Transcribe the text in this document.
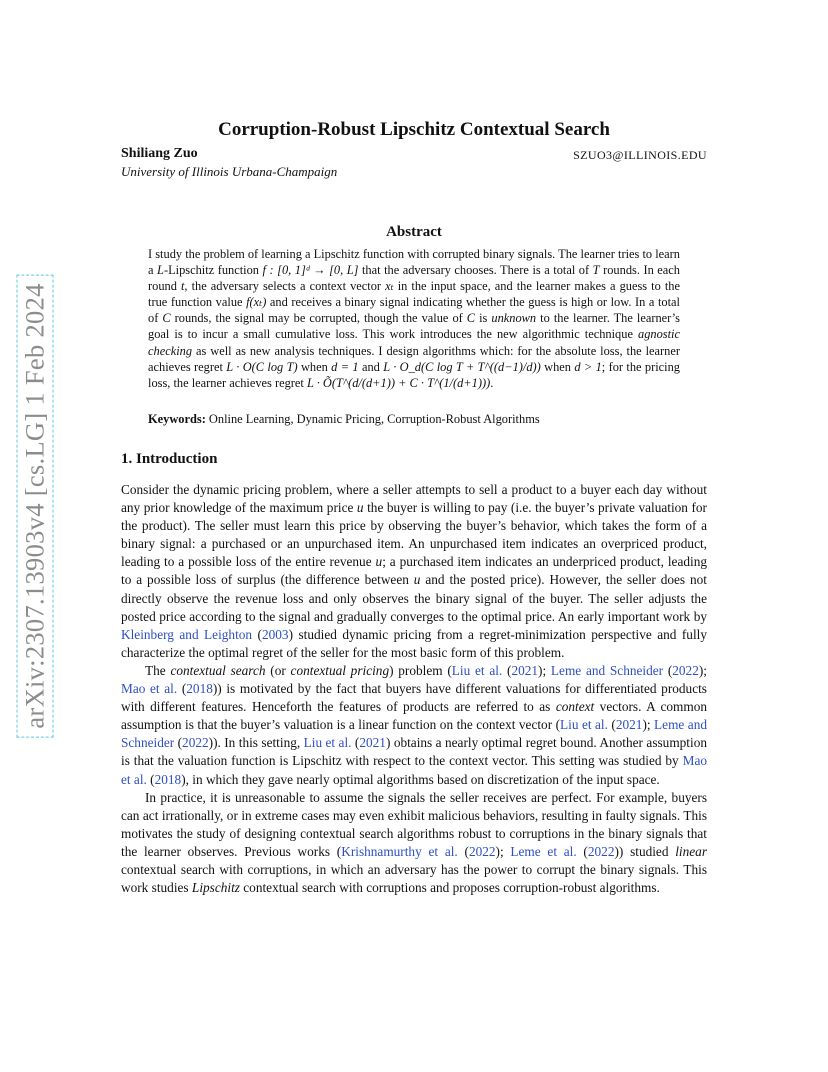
arXiv:2307.13903v4 [cs.LG] 1 Feb 2024
Corruption-Robust Lipschitz Contextual Search
Shiliang Zuo	SZUO3@ILLINOIS.EDU
University of Illinois Urbana-Champaign
Abstract

I study the problem of learning a Lipschitz function with corrupted binary signals. The learner tries to learn a L-Lipschitz function f : [0, 1]ᵈ → [0, L] that the adversary chooses. There is a total of T rounds. In each round t, the adversary selects a context vector xₜ in the input space, and the learner makes a guess to the true function value f(xₜ) and receives a binary signal indicating whether the guess is high or low. In a total of C rounds, the signal may be corrupted, though the value of C is unknown to the learner. The learner’s goal is to incur a small cumulative loss. This work introduces the new algorithmic technique agnostic checking as well as new analysis techniques. I design algorithms which: for the absolute loss, the learner achieves regret L · O(C log T) when d = 1 and L · O_d(C log T + T^((d−1)/d)) when d > 1; for the pricing loss, the learner achieves regret L · Õ(T^(d/(d+1)) + C · T^(1/(d+1))).

Keywords: Online Learning, Dynamic Pricing, Corruption-Robust Algorithms
1. Introduction

Consider the dynamic pricing problem, where a seller attempts to sell a product to a buyer each day without any prior knowledge of the maximum price u the buyer is willing to pay (i.e. the buyer’s private valuation for the product). The seller must learn this price by observing the buyer’s behavior, which takes the form of a binary signal: a purchased or an unpurchased item. An unpurchased item indicates an overpriced product, leading to a possible loss of the entire revenue u; a purchased item indicates an underpriced product, leading to a possible loss of surplus (the difference between u and the posted price). However, the seller does not directly observe the revenue loss and only observes the binary signal of the buyer. The seller adjusts the posted price according to the signal and gradually converges to the optimal price. An early important work by Kleinberg and Leighton (2003) studied dynamic pricing from a regret-minimization perspective and fully characterize the optimal regret of the seller for the most basic form of this problem.

The contextual search (or contextual pricing) problem (Liu et al. (2021); Leme and Schneider (2022); Mao et al. (2018)) is motivated by the fact that buyers have different valuations for differentiated products with different features. Henceforth the features of products are referred to as context vectors. A common assumption is that the buyer’s valuation is a linear function on the context vector (Liu et al. (2021); Leme and Schneider (2022)). In this setting, Liu et al. (2021) obtains a nearly optimal regret bound. Another assumption is that the valuation function is Lipschitz with respect to the context vector. This setting was studied by Mao et al. (2018), in which they gave nearly optimal algorithms based on discretization of the input space.

In practice, it is unreasonable to assume the signals the seller receives are perfect. For example, buyers can act irrationally, or in extreme cases may even exhibit malicious behaviors, resulting in faulty signals. This motivates the study of designing contextual search algorithms robust to corruptions in the binary signals that the learner observes. Previous works (Krishnamurthy et al. (2022); Leme et al. (2022)) studied linear contextual search with corruptions, in which an adversary has the power to corrupt the binary signals. This work studies Lipschitz contextual search with corruptions and proposes corruption-robust algorithms.
